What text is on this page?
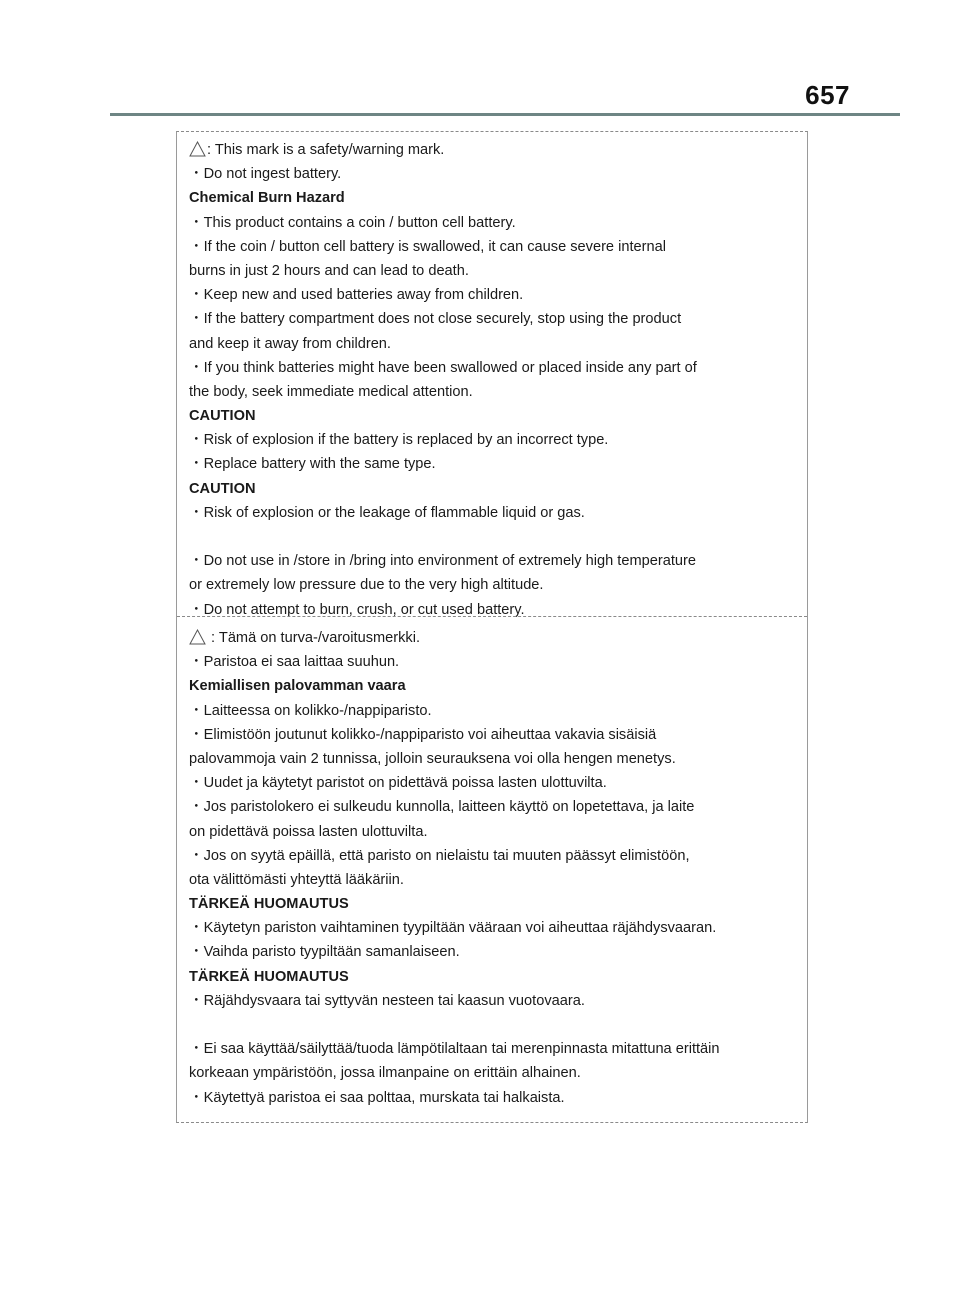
657
: This mark is a safety/warning mark.
・Do not ingest battery.
Chemical Burn Hazard
・This product contains a coin / button cell battery.
・If the coin / button cell battery is swallowed, it can cause severe internal
burns in just 2 hours and can lead to death.
・Keep new and used batteries away from children.
・If the battery compartment does not close securely, stop using the product
and keep it away from children.
・If you think batteries might have been swallowed or placed inside any part of
the body, seek immediate medical attention.
CAUTION
・Risk of explosion if the battery is replaced by an incorrect type.
・Replace battery with the same type.
CAUTION
・Risk of explosion or the leakage of flammable liquid or gas.
・Do not use in /store in /bring into environment of extremely high temperature
or extremely low pressure due to the very high altitude.
・Do not attempt to burn, crush, or cut used battery.
: Tämä on turva-/varoitusmerkki.
・Paristoa ei saa laittaa suuhun.
Kemiallisen palovamman vaara
・Laitteessa on kolikko-/nappiparisto.
・Elimistöön joutunut kolikko-/nappiparisto voi aiheuttaa vakavia sisäisiä
palovammoja vain 2 tunnissa, jolloin seurauksena voi olla hengen menetys.
・Uudet ja käytetyt paristot on pidettävä poissa lasten ulottuvilta.
・Jos paristolokero ei sulkeudu kunnolla, laitteen käyttö on lopetettava, ja laite
on pidettävä poissa lasten ulottuvilta.
・Jos on syytä epäillä, että paristo on nielaistu tai muuten päässyt elimistöön,
ota välittömästi yhteyttä lääkäriin.
TÄRKEÄ HUOMAUTUS
・Käytetyn pariston vaihtaminen tyypiltään vääraan voi aiheuttaa räjähdysvaaran.
・Vaihda paristo tyypiltään samanlaiseen.
TÄRKEÄ HUOMAUTUS
・Räjähdysvaara tai syttyvän nesteen tai kaasun vuotovaara.
・Ei saa käyttää/säilyttää/tuoda lämpötilaltaan tai merenpinnasta mitattuna erittäin
korkeaan ympäristöön, jossa ilmanpaine on erittäin alhainen.
・Käytettyä paristoa ei saa polttaa, murskata tai halkaista.
